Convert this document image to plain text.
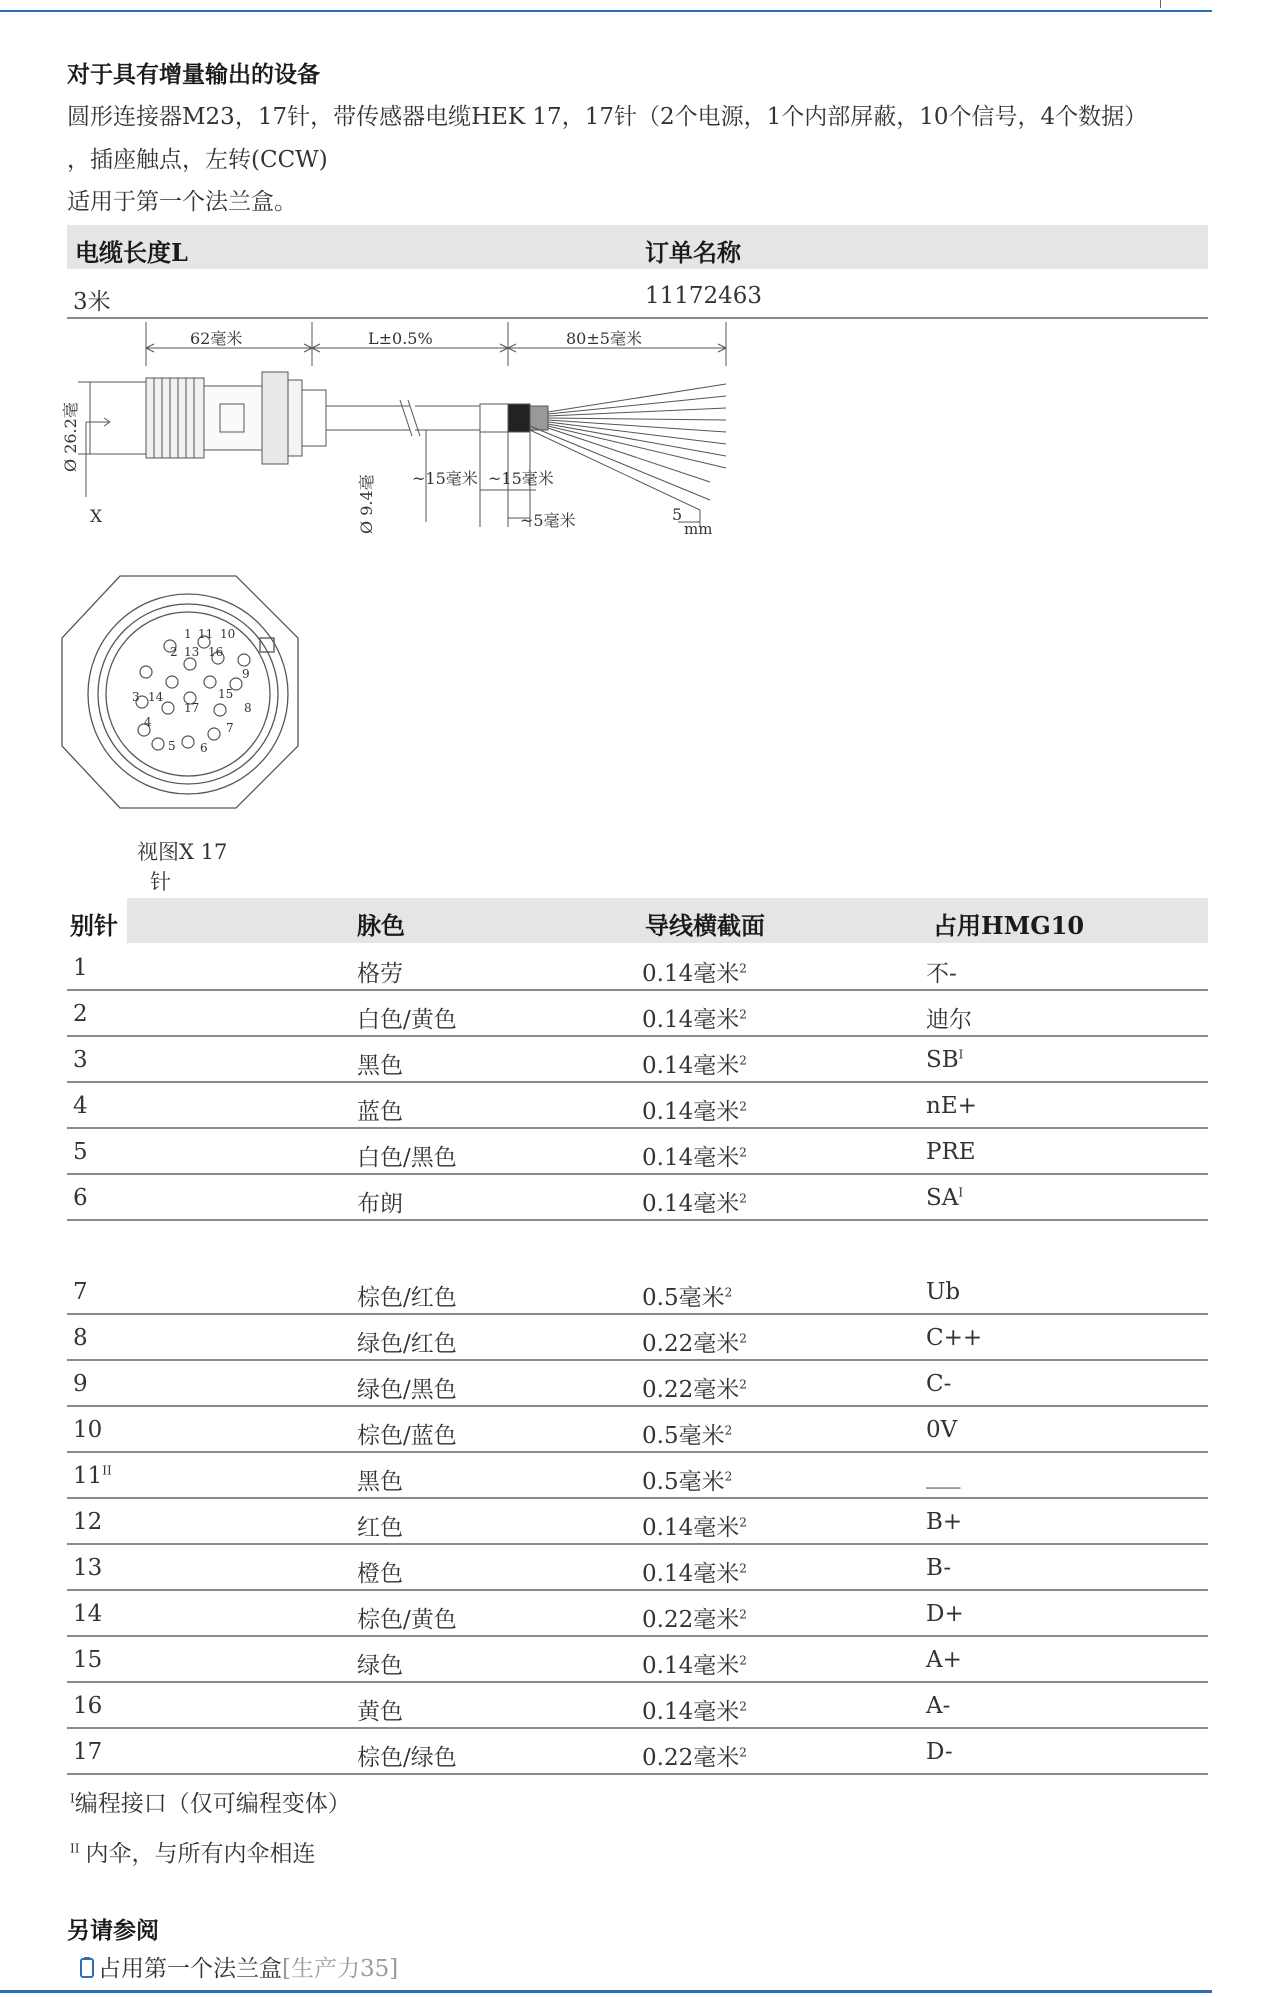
对于具有增量输出的设备
圆形连接器M23，17针，带传感器电缆HEK 17，17针（2个电源，1个内部屏蔽，10个信号，4个数据）
，插座触点，左转(CCW)
适用于第一个法兰盒。
电缆长度L	订单名称
3米	11172463
62毫米	L±0.5%	80±5毫米
Ø 26.2毫
Ø 9.4毫
X
~15毫米 ~15毫米
~5毫米	5
mm
1 11 10
2 13 16
9
3 14
17
15
8
4	7
5 6
视图X 17
针
别针	脉色	导线横截面	占用HMG10
1	格劳	0.14毫米$^2$	不-
2	白色/黄色	0.14毫米$^2$	迪尔
3	黑色	0.14毫米$^2$	$SB^I$
4	蓝色	0.14毫米$^2$	nE+
5	白色/黑色	0.14毫米$^2$	PRE
6	布朗	0.14毫米$^2$	$SA^I$
7	棕色/红色	0.5毫米$^2$	Ub
8	绿色/红色	0.22毫米$^2$	C++
9	绿色/黑色	0.22毫米$^2$	C-
10	棕色/蓝色	0.5毫米$^2$	0V
$11^{II}$	黑色	0.5毫米$^2$	___
12	红色	0.14毫米$^2$	B+
13	橙色	0.14毫米$^2$	B-
14	棕色/黄色	0.22毫米$^2$	D+
15	绿色	0.14毫米$^2$	A+
16	黄色	0.14毫米$^2$	A-
17	棕色/绿色	0.22毫米$^2$	D-
$^I$编程接口（仅可编程变体）
$^{II}$ 内伞，与所有内伞相连
另请参阅
占用第一个法兰盒[生产力35]
